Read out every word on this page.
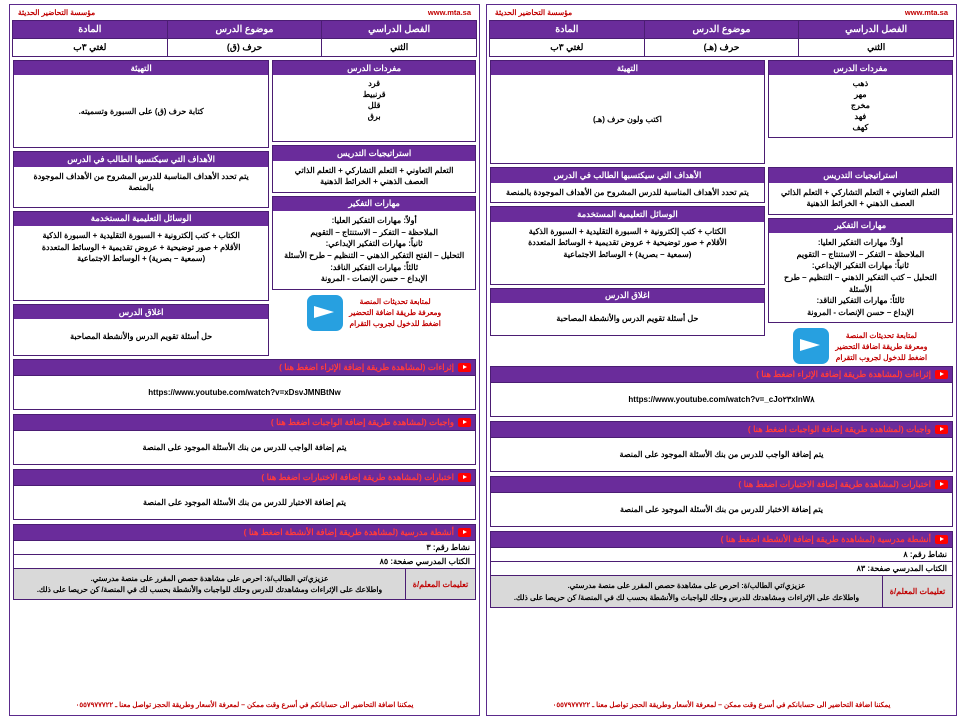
www.mta.sa
مؤسسة التحاضير الحديثة
الفصل الدراسي	موضوع الدرس	المادة
الثني	حرف (هـ)	لغتي ٣ب
مفردات الدرس
ذهب
مهر
مخرج
فهد
كهف
التهيئة
اكتب ولون حرف (هـ)
استراتيجيات التدريس
التعلم التعاوني + التعلم التشاركي + التعلم الذاتي
العصف الذهني + الخرائط الذهنية
مهارات التفكير
أولاً: مهارات التفكير العليا:
الملاحظة – التفكر – الاستنتاج – التقويم
ثانياً: مهارات التفكير الإبداعي:
التحليل – كتب التفكير الذهني – التنظيم – طرح الأسئلة
ثالثاً: مهارات التفكير الناقد:
الإبداع – حسن الإنصات - المرونة
لمتابعة تحديثات المنصة
ومعرفة طريقة اضافة التحضير
اضغط للدخول لجروب التقرام
الأهداف التي سيكتسبها الطالب في الدرس
يتم تحدد الأهداف المناسبة للدرس المشروح من الأهداف الموجودة بالمنصة
الوسائل التعليمية المستخدمة
الكتاب + كتب إلكترونية + السبورة التقليدية + السبورة الذكية
الأقلام + صور توضيحية + عروض تقديمية + الوسائط المتعددة
(سمعية – بصرية) + الوسائط الاجتماعية
اغلاق الدرس
حل أسئلة تقويم الدرس والأنشطة المصاحبة
إثراءات (لمشاهدة طريقة إضافة الإثراء اضغط هنا )
https://www.youtube.com/watch?v=_cJo۲۳xlnW۸
واجبات (لمشاهدة طريقة إضافة الواجبات اضغط هنا )
يتم إضافة الواجب للدرس من بنك الأسئلة الموجود على المنصة
اختبارات (لمشاهدة طريقة إضافة الاختبارات اضغط هنا )
يتم إضافة الاختبار للدرس من بنك الأسئلة الموجود على المنصة
أنشطة مدرسية (لمشاهدة طريقة إضافة الأنشطة اضغط هنا )
نشاط رقم: ٨
الكتاب المدرسي صفحة: ٨٣
تعليمات المعلم/ة
عزيزي/تي الطالب/ة: احرص على مشاهدة حصص المقرر على منصة مدرستي.
واطلاعك على الإثراءات ومشاهدتك للدرس وحلك للواجبات والأنشطة بحسب لك في المنصة/ كن حريصا على ذلك.
يمكننا اضافة التحاضير الى حسابانكم في أسرع وقت ممكن – لمعرفة الأسعار وطريقة الحجز تواصل معنا ـ ٠٥٥٧٩٧٧٧٢٢
www.mta.sa
مؤسسة التحاضير الحديثة
الفصل الدراسي	موضوع الدرس	المادة
الثني	حرف (ق)	لغتي ٣ب
مفردات الدرس
قرد
قرنبيط
قلل
برق
استراتيجيات التدريس
التعلم التعاوني + التعلم التشاركي + التعلم الذاتي
العصف الذهني + الخرائط الذهنية
مهارات التفكير
أولاً: مهارات التفكير العليا:
الملاحظة – التفكر – الاستنتاج – التقويم
ثانياً: مهارات التفكير الإبداعي:
التحليل – الفتح التفكير الذهني – التنظيم – طرح الأسئلة
ثالثاً: مهارات التفكير الناقد:
الإبداع – حسن الإنصات - المرونة
لمتابعة تحديثات المنصة
ومعرفة طريقة اضافة التحضير
اضغط للدخول لجروب التقرام
التهيئة
كتابة حرف (ق) على السبورة وتسميته.
الأهداف التي سيكتسبها الطالب في الدرس
يتم تحدد الأهداف المناسبة للدرس المشروح من الأهداف الموجودة
بالمنصة
الوسائل التعليمية المستخدمة
الكتاب + كتب إلكترونية + السبورة التقليدية + السبورة الذكية
الأقلام + صور توضيحية + عروض تقديمية + الوسائط المتعددة
(سمعية – بصرية) + الوسائط الاجتماعية
اغلاق الدرس
حل أسئلة تقويم الدرس والأنشطة المصاحبة
إثراءات (لمشاهدة طريقة إضافة الإثراء اضغط هنا )
https://www.youtube.com/watch?v=xDsvJMNBtNw
واجبات (لمشاهدة طريقة إضافة الواجبات اضغط هنا )
يتم إضافة الواجب للدرس من بنك الأسئلة الموجود على المنصة
اختبارات (لمشاهدة طريقة إضافة الاختبارات اضغط هنا )
يتم إضافة الاختبار للدرس من بنك الأسئلة الموجود على المنصة
أنشطة مدرسية (لمشاهدة طريقة إضافة الأنشطة اضغط هنا )
نشاط رقم: ٣
الكتاب المدرسي صفحة: ٨٥
تعليمات المعلم/ة
عزيزي/تي الطالب/ة: احرص على مشاهدة حصص المقرر على منصة مدرستي.
واطلاعك على الإثراءات ومشاهدتك للدرس وحلك للواجبات والأنشطة بحسب لك في المنصة/ كن حريصا على ذلك.
يمكننا اضافة التحاضير الى حسابانكم في أسرع وقت ممكن – لمعرفة الأسعار وطريقة الحجز تواصل معنا ـ ٠٥٥٧٩٧٧٧٢٢
